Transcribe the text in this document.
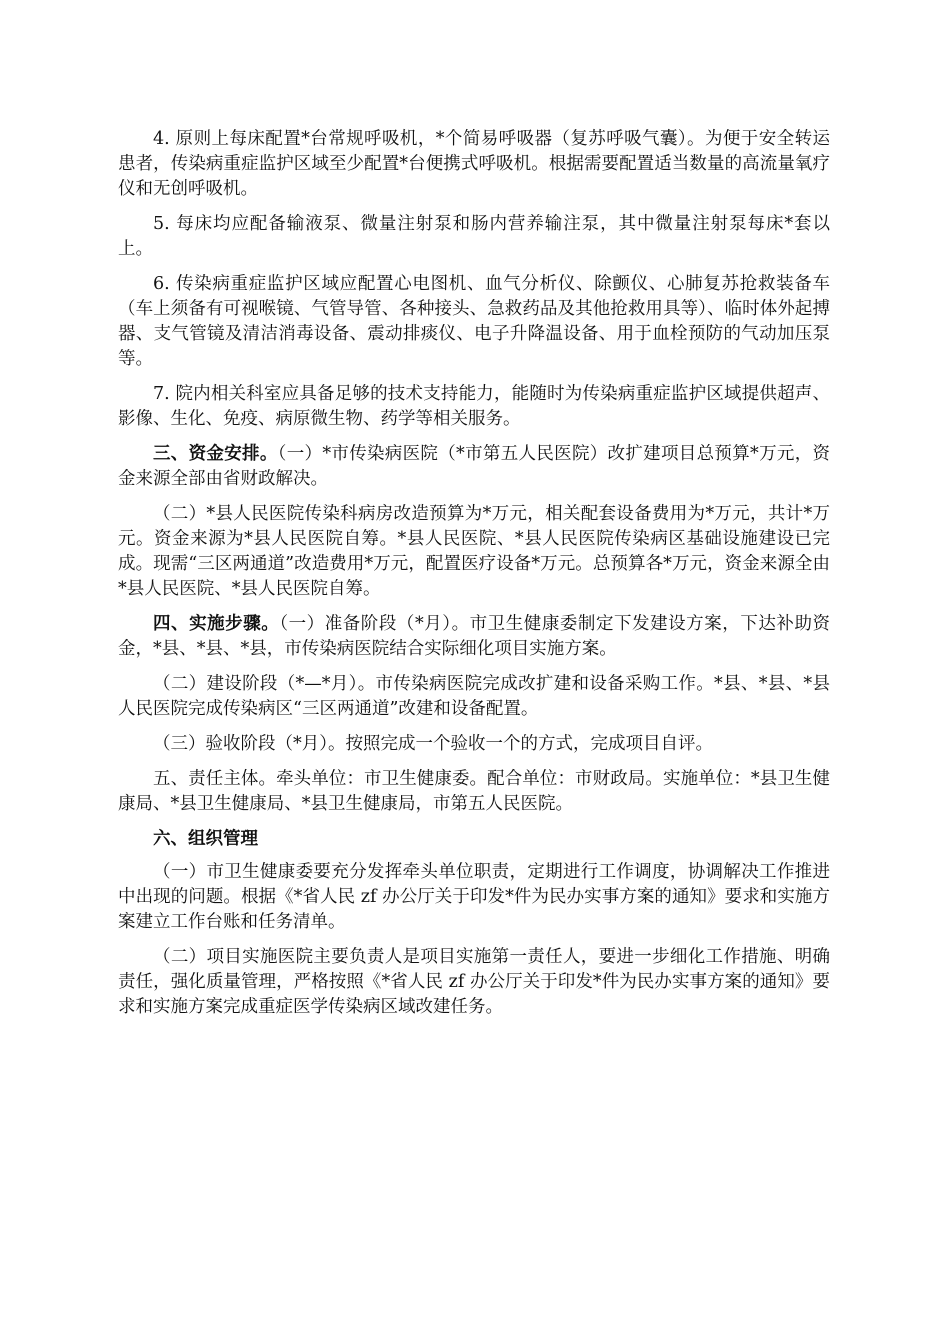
4. 原则上每床配置*台常规呼吸机，*个简易呼吸器（复苏呼吸气囊）。为便于安全转运患者，传染病重症监护区域至少配置*台便携式呼吸机。根据需要配置适当数量的高流量氧疗仪和无创呼吸机。

5. 每床均应配备输液泵、微量注射泵和肠内营养输注泵，其中微量注射泵每床*套以上。

6. 传染病重症监护区域应配置心电图机、血气分析仪、除颤仪、心肺复苏抢救装备车（车上须备有可视喉镜、气管导管、各种接头、急救药品及其他抢救用具等）、临时体外起搏器、支气管镜及清洁消毒设备、震动排痰仪、电子升降温设备、用于血栓预防的气动加压泵等。

7. 院内相关科室应具备足够的技术支持能力，能随时为传染病重症监护区域提供超声、影像、生化、免疫、病原微生物、药学等相关服务。

三、资金安排。（一）*市传染病医院（*市第五人民医院）改扩建项目总预算*万元，资金来源全部由省财政解决。

（二）*县人民医院传染科病房改造预算为*万元，相关配套设备费用为*万元，共计*万元。资金来源为*县人民医院自筹。*县人民医院、*县人民医院传染病区基础设施建设已完成。现需“三区两通道”改造费用*万元，配置医疗设备*万元。总预算各*万元，资金来源全由*县人民医院、*县人民医院自筹。

四、实施步骤。（一）准备阶段（*月）。市卫生健康委制定下发建设方案，下达补助资金，*县、*县、*县，市传染病医院结合实际细化项目实施方案。

（二）建设阶段（*—*月）。市传染病医院完成改扩建和设备采购工作。*县、*县、*县人民医院完成传染病区“三区两通道”改建和设备配置。

（三）验收阶段（*月）。按照完成一个验收一个的方式，完成项目自评。

五、责任主体。牵头单位：市卫生健康委。配合单位：市财政局。实施单位：*县卫生健康局、*县卫生健康局、*县卫生健康局，市第五人民医院。

六、组织管理

（一）市卫生健康委要充分发挥牵头单位职责，定期进行工作调度，协调解决工作推进中出现的问题。根据《*省人民 zf 办公厅关于印发*件为民办实事方案的通知》要求和实施方案建立工作台账和任务清单。

（二）项目实施医院主要负责人是项目实施第一责任人，要进一步细化工作措施、明确责任，强化质量管理，严格按照《*省人民 zf 办公厅关于印发*件为民办实事方案的通知》要求和实施方案完成重症医学传染病区域改建任务。
